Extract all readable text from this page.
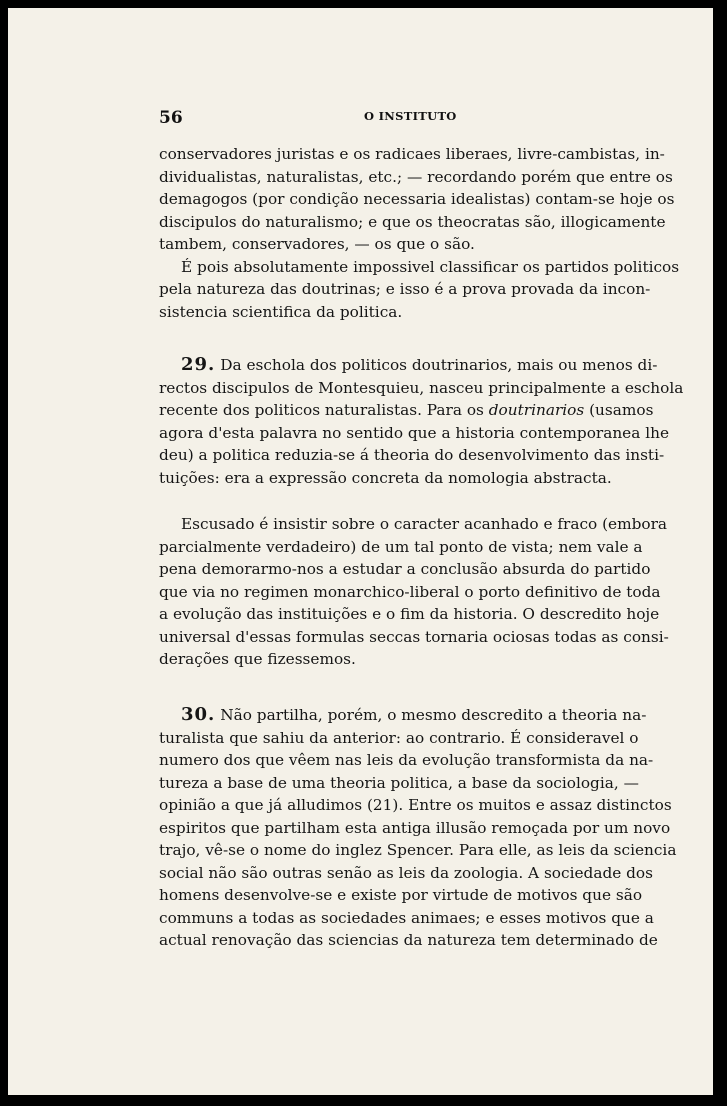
56	O INSTITUTO
conservadores juristas e os radicaes liberaes, livre-cambistas, in-
dividualistas, naturalistas, etc.; — recordando porém que entre os
demagogos (por condição necessaria idealistas) contam-se hoje os
discipulos do naturalismo; e que os theocratas são, illogicamente
tambem, conservadores, — os que o são.
É pois absolutamente impossivel classificar os partidos politicos
pela natureza das doutrinas; e isso é a prova provada da incon-
sistencia scientifica da politica.
29. Da eschola dos politicos doutrinarios, mais ou menos di-
rectos discipulos de Montesquieu, nasceu principalmente a eschola
recente dos politicos naturalistas. Para os doutrinarios (usamos
agora d'esta palavra no sentido que a historia contemporanea lhe
deu) a politica reduzia-se á theoria do desenvolvimento das insti-
tuições: era a expressão concreta da nomologia abstracta.
Escusado é insistir sobre o caracter acanhado e fraco (embora
parcialmente verdadeiro) de um tal ponto de vista; nem vale a
pena demorarmo-nos a estudar a conclusão absurda do partido
que via no regimen monarchico-liberal o porto definitivo de toda
a evolução das instituições e o fim da historia. O descredito hoje
universal d'essas formulas seccas tornaria ociosas todas as consi-
derações que fizessemos.
30. Não partilha, porém, o mesmo descredito a theoria na-
turalista que sahiu da anterior: ao contrario. É consideravel o
numero dos que vêem nas leis da evolução transformista da na-
tureza a base de uma theoria politica, a base da sociologia, —
opinião a que já alludimos (21). Entre os muitos e assaz distinctos
espiritos que partilham esta antiga illusão remoçada por um novo
trajo, vê-se o nome do inglez Spencer. Para elle, as leis da sciencia
social não são outras senão as leis da zoologia. A sociedade dos
homens desenvolve-se e existe por virtude de motivos que são
communs a todas as sociedades animaes; e esses motivos que a
actual renovação das sciencias da natureza tem determinado de
